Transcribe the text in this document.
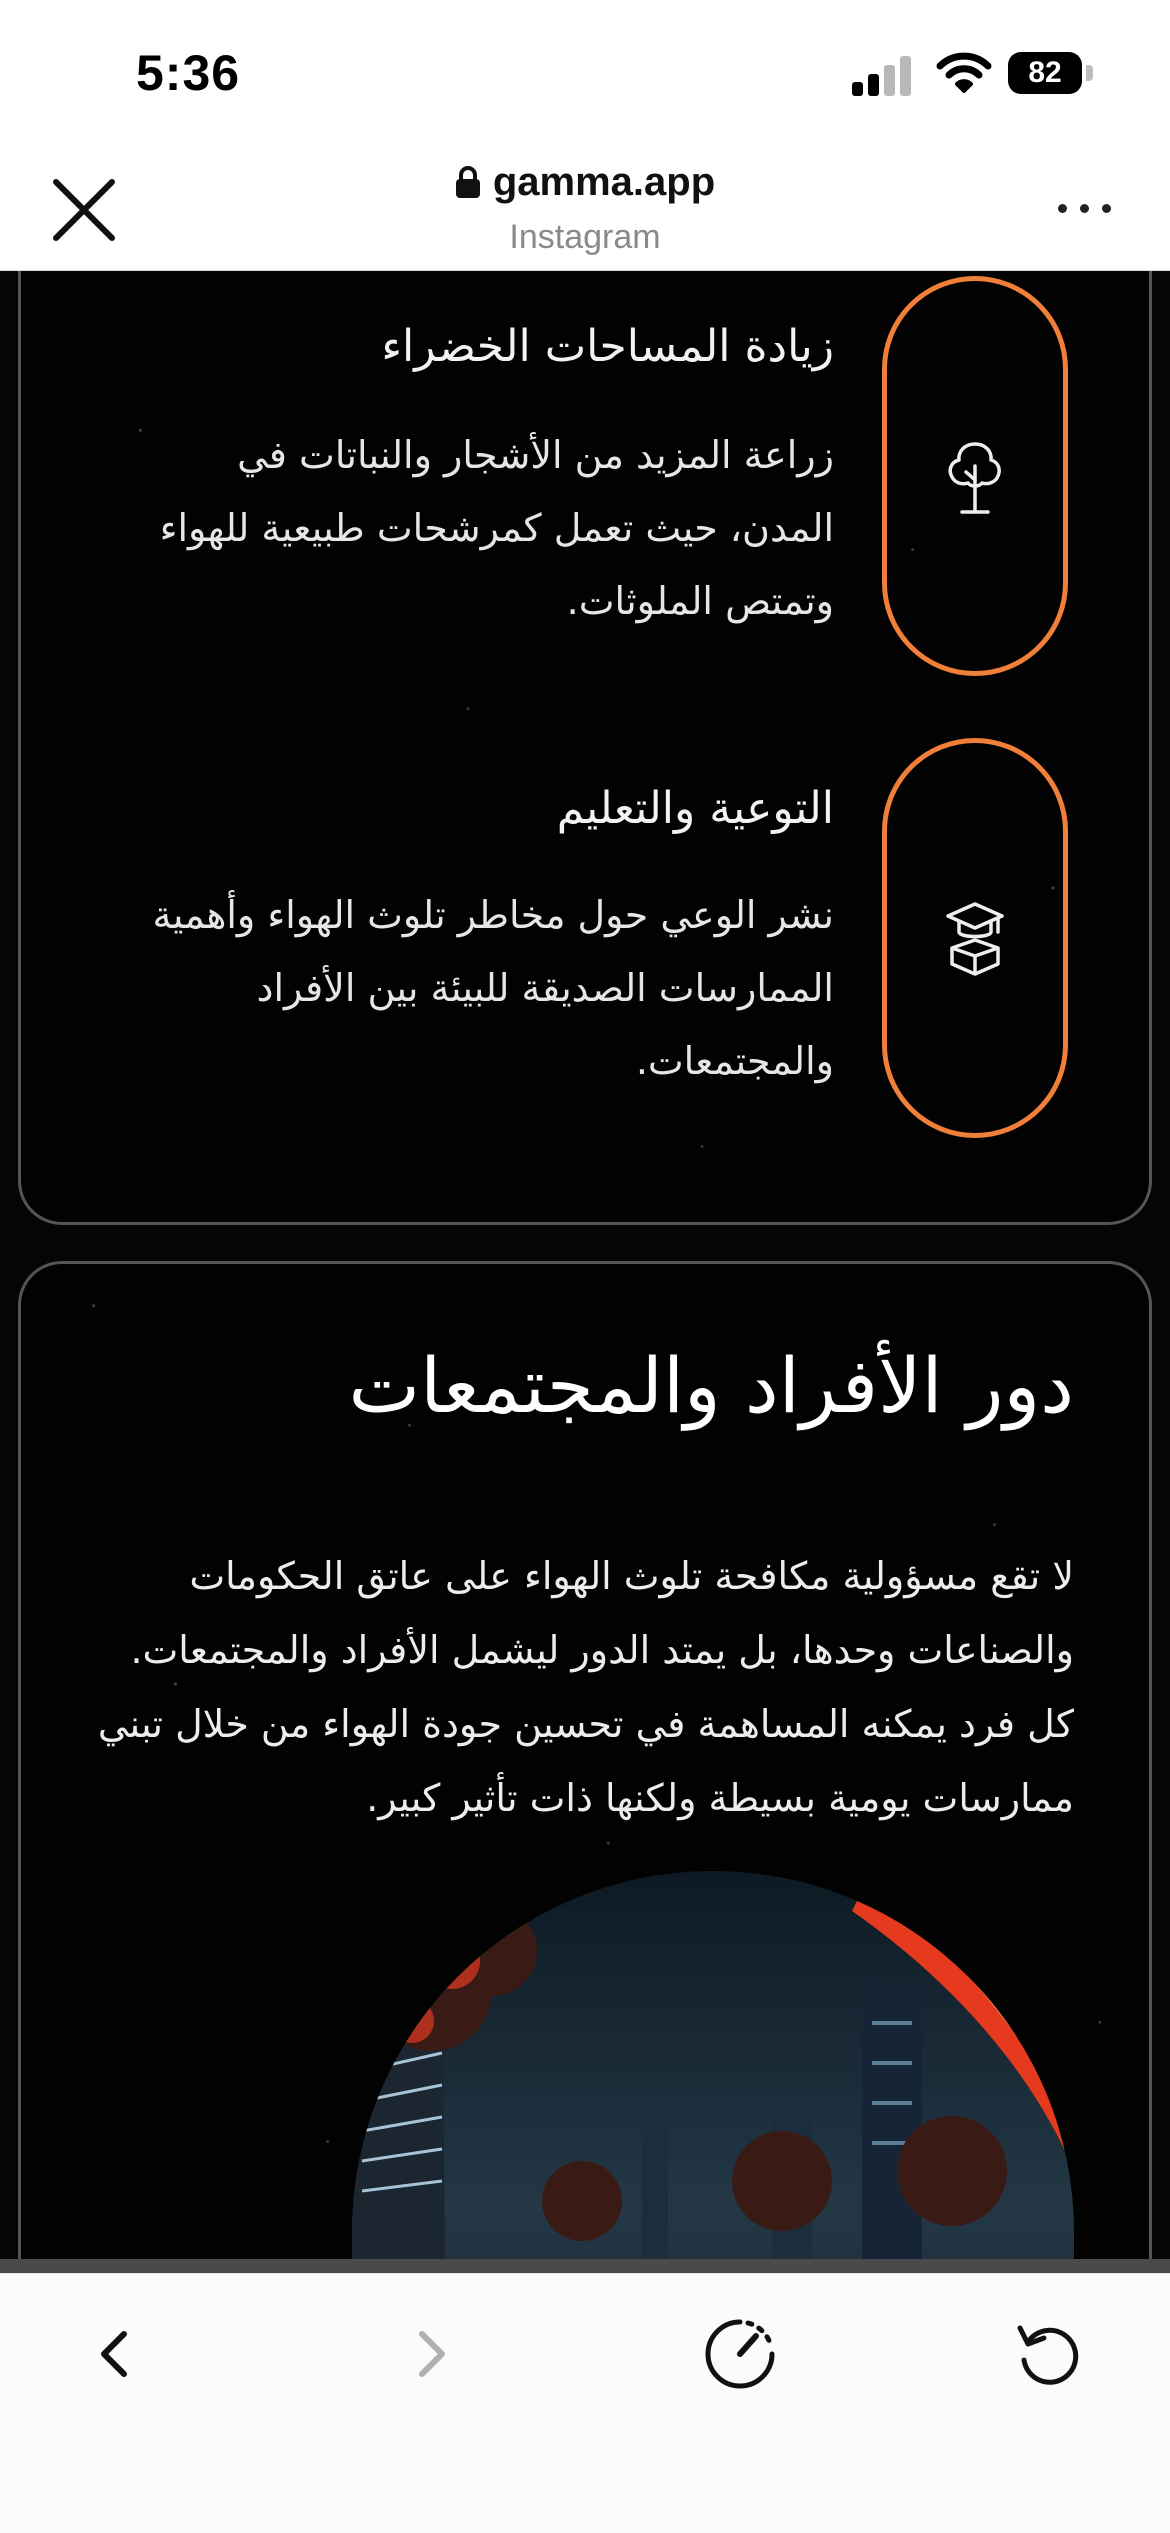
5:36	82
gamma.app
Instagram
زيادة المساحات الخضراء
زراعة المزيد من الأشجار والنباتات في المدن، حيث تعمل كمرشحات طبيعية للهواء وتمتص الملوثات.
التوعية والتعليم
نشر الوعي حول مخاطر تلوث الهواء وأهمية الممارسات الصديقة للبيئة بين الأفراد والمجتمعات.
دور الأفراد والمجتمعات
لا تقع مسؤولية مكافحة تلوث الهواء على عاتق الحكومات والصناعات وحدها، بل يمتد الدور ليشمل الأفراد والمجتمعات. كل فرد يمكنه المساهمة في تحسين جودة الهواء من خلال تبني ممارسات يومية بسيطة ولكنها ذات تأثير كبير.
